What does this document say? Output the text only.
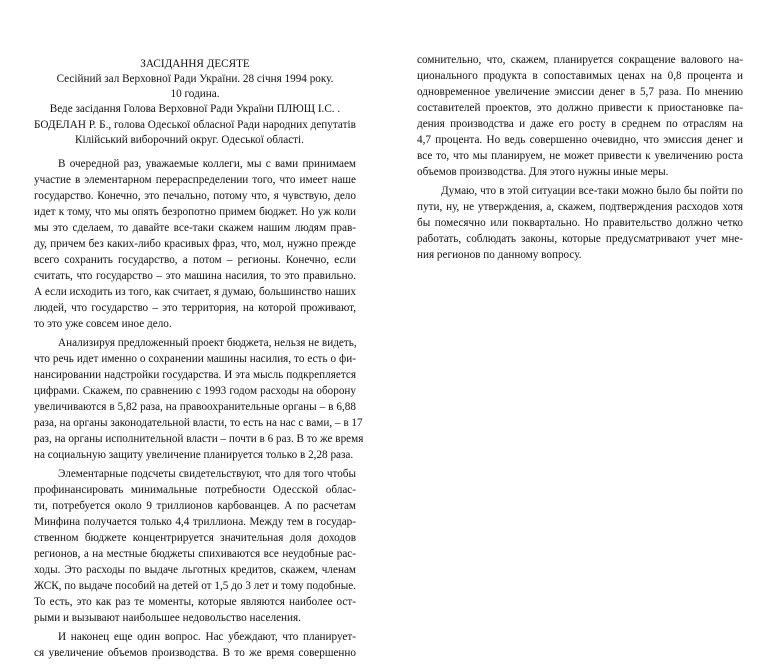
ЗАСІДАННЯ ДЕСЯТЕ
Сесійний зал Верховної Ради України. 28 січня 1994 року.
10 година.
Веде засідання Голова Верховної Ради України ПЛЮЩ І.С. .
БОДЕЛАН Р. Б., голова Одеської обласної Ради народних депутатів
Кілійський виборочний округ. Одеської області.

В очередной раз, уважаемые коллеги, мы с вами принимаем
участие в элементарном перераспределении того, что имеет наше
государство. Конечно, это печально, потому что, я чувствую, дело
идет к тому, что мы опять безропотно примем бюджет. Но уж коли
мы это сделаем, то давайте все-таки скажем нашим людям прав-
ду, причем без каких-либо красивых фраз, что, мол, нужно прежде
всего сохранить государство, а потом – регионы. Конечно, если
считать, что государство – это машина насилия, то это правильно.
А если исходить из того, как считает, я думаю, большинство наших
людей, что государство – это территория, на которой проживают,
то это уже совсем иное дело.

Анализируя предложенный проект бюджета, нельзя не видеть,
что речь идет именно о сохранении машины насилия, то есть о фи-
нансировании надстройки государства. И эта мысль подкрепляется
цифрами. Скажем, по сравнению с 1993 годом расходы на оборону
увеличиваются в 5,82 раза, на правоохранительные органы – в 6,88
раза, на органы законодательной власти, то есть на нас с вами, – в 17
раз, на органы исполнительной власти – почти в 6 раз. В то же время
на социальную защиту увеличение планируется только в 2,28 раза.

Элементарные подсчеты свидетельствуют, что для того чтобы
профинансировать минимальные потребности Одесской облас-
ти, потребуется около 9 триллионов карбованцев. А по расчетам
Минфина получается только 4,4 триллиона. Между тем в государ-
ственном бюджете концентрируется значительная доля доходов
регионов, а на местные бюджеты спихиваются все неудобные рас-
ходы. Это расходы по выдаче льготных кредитов, скажем, членам
ЖСК, по выдаче пособий на детей от 1,5 до 3 лет и тому подобные.
То есть, это как раз те моменты, которые являются наиболее ост-
рыми и вызывают наибольшее недовольство населения.

И наконец еще один вопрос. Нас убеждают, что планирует-
ся увеличение объемов производства. В то же время совершенно

сомнительно, что, скажем, планируется сокращение валового на-
ционального продукта в сопоставимых ценах на 0,8 процента и
одновременное увеличение эмиссии денег в 5,7 раза. По мнению
составителей проектов, это должно привести к приостановке па-
дения производства и даже его росту в среднем по отраслям на
4,7 процента. Но ведь совершенно очевидно, что эмиссия денег и
все то, что мы планируем, не может привести к увеличению роста
объемов производства. Для этого нужны иные меры.

Думаю, что в этой ситуации все-таки можно было бы пойти по
пути, ну, не утверждения, а, скажем, подтверждения расходов хотя
бы помесячно или поквартально. Но правительство должно четко
работать, соблюдать законы, которые предусматривают учет мне-
ния регионов по данному вопросу.
